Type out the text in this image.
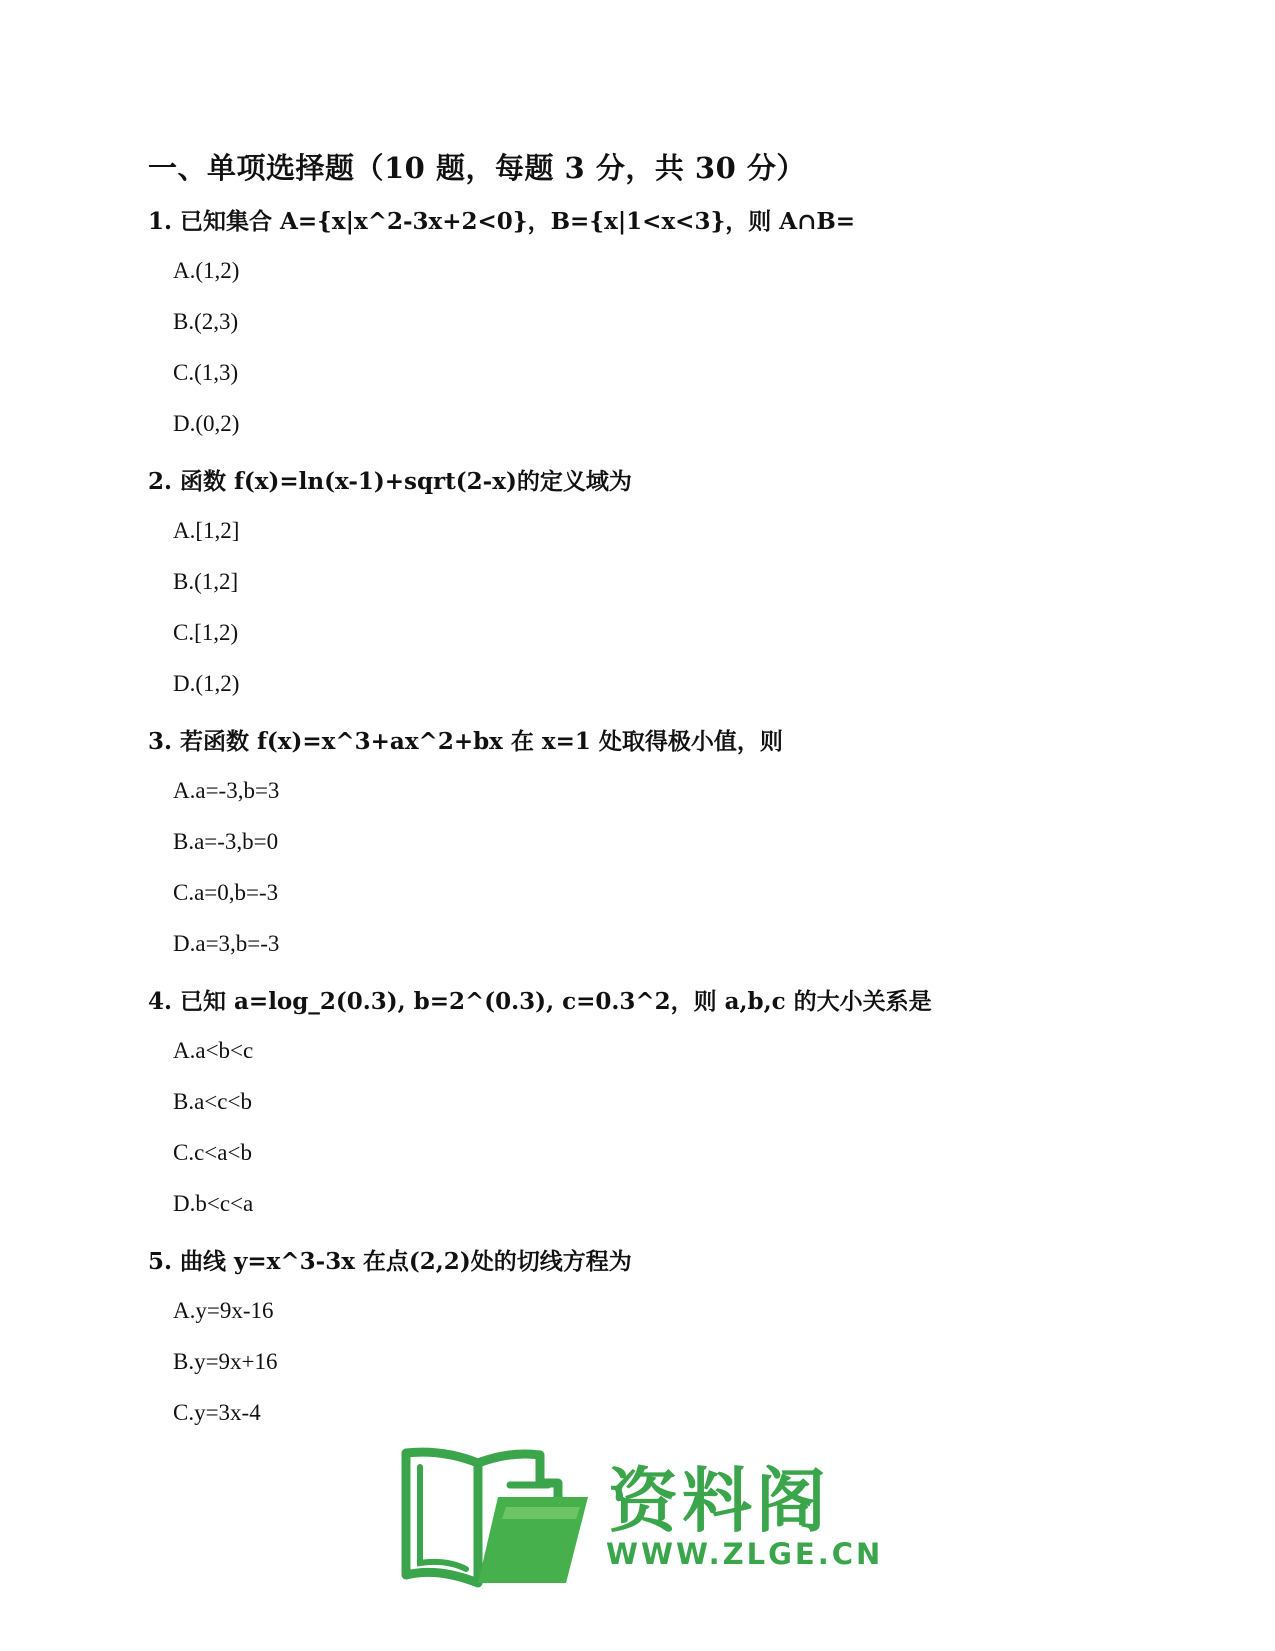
一、单项选择题（10 题，每题 3 分，共 30 分）
1. 已知集合 A={x|x^2-3x+2<0}，B={x|1<x<3}，则 A∩B=
A.(1,2)
B.(2,3)
C.(1,3)
D.(0,2)
2. 函数 f(x)=ln(x-1)+sqrt(2-x)的定义域为
A.[1,2]
B.(1,2]
C.[1,2)
D.(1,2)
3. 若函数 f(x)=x^3+ax^2+bx 在 x=1 处取得极小值，则
A.a=-3,b=3
B.a=-3,b=0
C.a=0,b=-3
D.a=3,b=-3
4. 已知 a=log_2(0.3), b=2^(0.3), c=0.3^2，则 a,b,c 的大小关系是
A.a<b<c
B.a<c<b
C.c<a<b
D.b<c<a
5. 曲线 y=x^3-3x 在点(2,2)处的切线方程为
A.y=9x-16
B.y=9x+16
C.y=3x-4
资料阁
WWW.ZLGE.CN
